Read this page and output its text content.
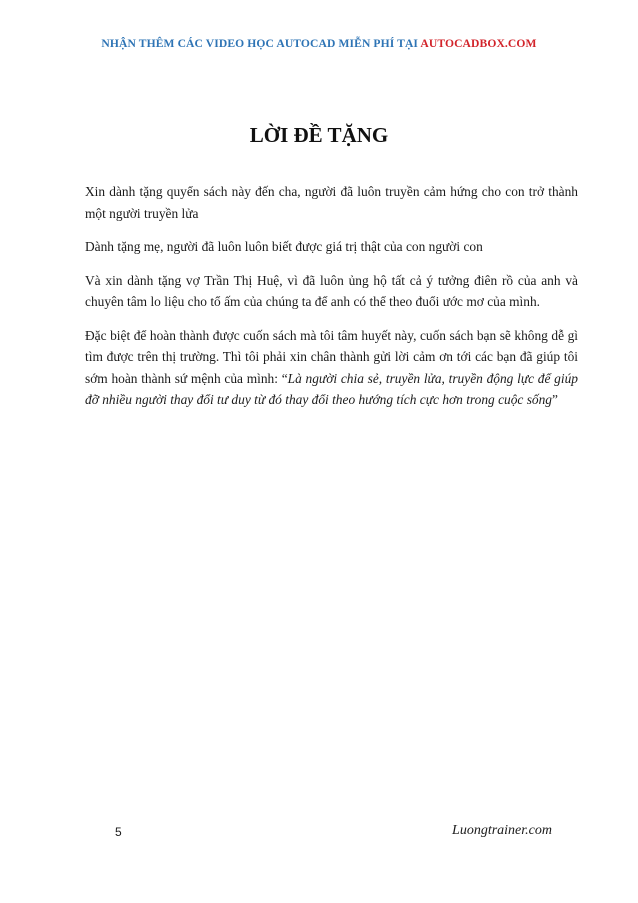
NHẬN THÊM CÁC VIDEO HỌC AUTOCAD MIỄN PHÍ TẠI AUTOCADBOX.COM
LỜI ĐỀ TẶNG

Xin dành tặng quyển sách này đến cha, người đã luôn truyền cảm hứng cho con trở thành một người truyền lửa

Dành tặng mẹ, người đã luôn luôn biết được giá trị thật của con người con

Và xin dành tặng vợ Trần Thị Huệ, vì đã luôn ủng hộ tất cả ý tưởng điên rồ của anh và chuyên tâm lo liệu cho tổ ấm của chúng ta để anh có thể theo đuổi ước mơ của mình.

Đặc biệt để hoàn thành được cuốn sách mà tôi tâm huyết này, cuốn sách bạn sẽ không dễ gì tìm được trên thị trường. Thì tôi phải xin chân thành gửi lời cảm ơn tới các bạn đã giúp tôi sớm hoàn thành sứ mệnh của mình: “Là người chia sẻ, truyền lửa, truyền động lực để giúp đỡ nhiều người thay đổi tư duy từ đó thay đổi theo hướng tích cực hơn trong cuộc sống”

5	Luongtrainer.com
